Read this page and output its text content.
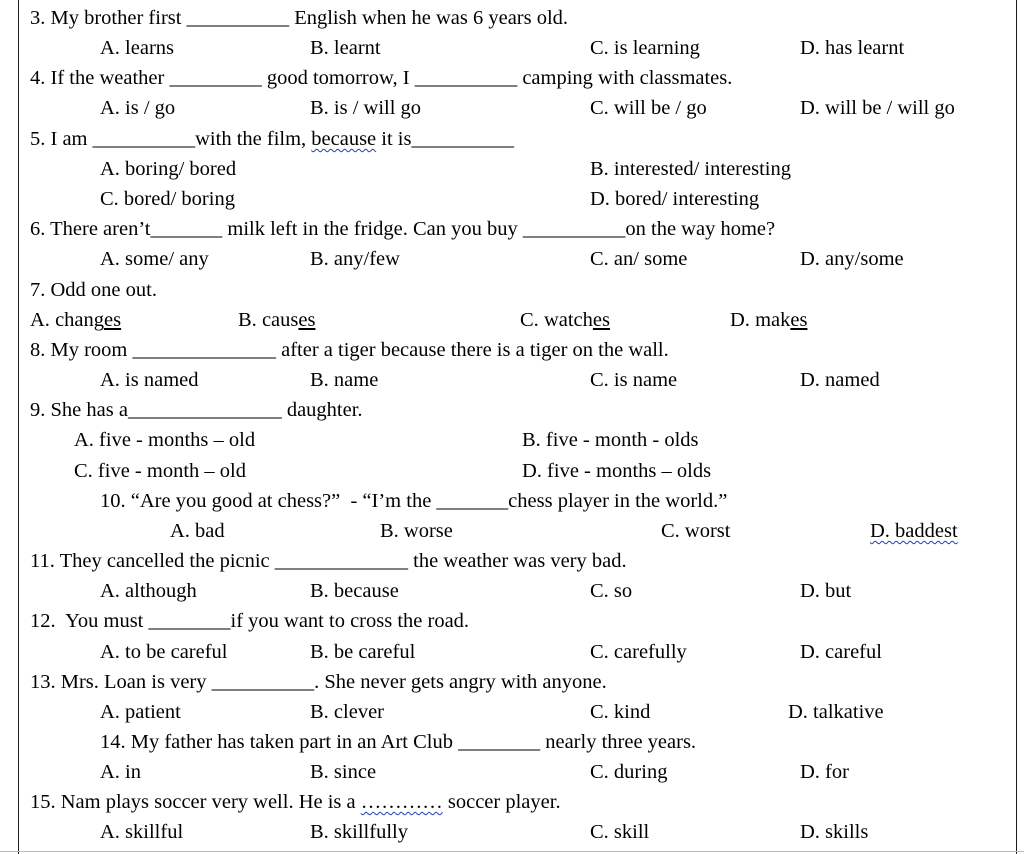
3. My brother first __________ English when he was 6 years old.
A. learns	B. learnt	C. is learning	D. has learnt
4. If the weather _________ good tomorrow, I __________ camping with classmates.
A. is / go	B. is / will go	C. will be / go	D. will be / will go
5. I am __________with the film, because it is__________
A. boring/ bored	B. interested/ interesting
C. bored/ boring	D. bored/ interesting
6. There aren’t_______ milk left in the fridge. Can you buy __________on the way home?
A. some/ any	B. any/few	C. an/ some	D. any/some
7. Odd one out.
A. changes	B. causes	C. watches	D. makes
8. My room ______________ after a tiger because there is a tiger on the wall.
A. is named	B. name	C. is name	D. named
9. She has a_______________ daughter.
A. five - months – old	B. five - month - olds
C. five - month – old	D. five - months – olds
10. “Are you good at chess?”  - “I’m the _______chess player in the world.”
A. bad	B. worse	C. worst	D. baddest
11. They cancelled the picnic _____________ the weather was very bad.
A. although	B. because	C. so	D. but
12. You must ________if you want to cross the road.
A. to be careful	B. be careful	C. carefully	D. careful
13. Mrs. Loan is very __________. She never gets angry with anyone.
A. patient	B. clever	C. kind	D. talkative
14. My father has taken part in an Art Club ________ nearly three years.
A. in	B. since	C. during	D. for
15. Nam plays soccer very well. He is a ………… soccer player.
A. skillful	B. skillfully	C. skill	D. skills
